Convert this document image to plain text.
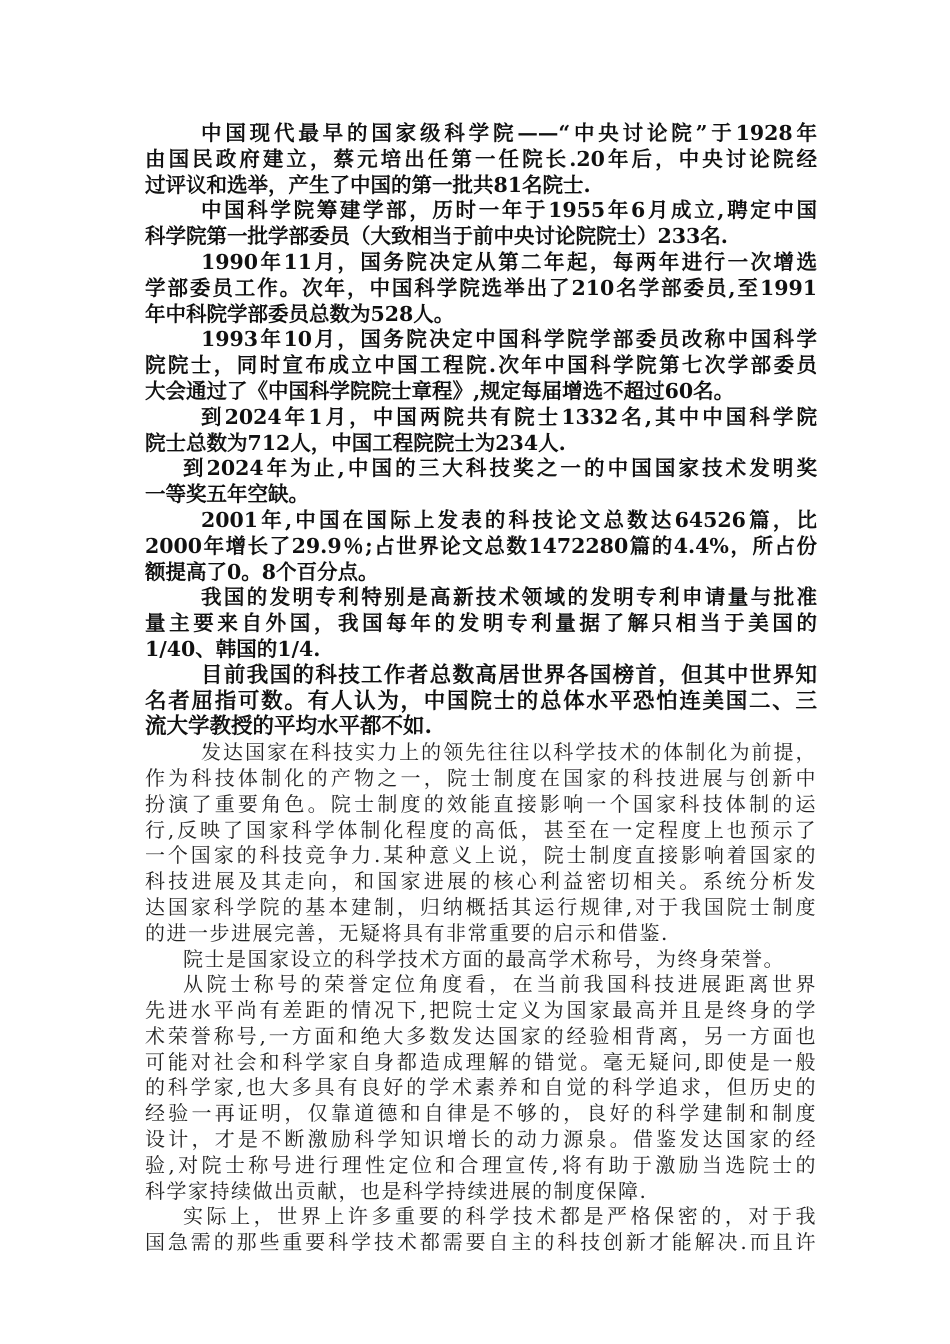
中国现代最早的国家级科学院——“中央讨论院”于1928年
由国民政府建立，蔡元培出任第一任院长.20年后，中央讨论院经
过评议和选举，产生了中国的第一批共81名院士.
中国科学院筹建学部，历时一年于1955年6月成立,聘定中国
科学院第一批学部委员（大致相当于前中央讨论院院士）233名.
1990年11月，国务院决定从第二年起，每两年进行一次增选
学部委员工作。次年，中国科学院选举出了210名学部委员,至1991
年中科院学部委员总数为528人。
1993年10月，国务院决定中国科学院学部委员改称中国科学
院院士，同时宣布成立中国工程院.次年中国科学院第七次学部委员
大会通过了《中国科学院院士章程》,规定每届增选不超过60名。
到2024年1月，中国两院共有院士1332名,其中中国科学院
院士总数为712人，中国工程院院士为234人.
到2024年为止,中国的三大科技奖之一的中国国家技术发明奖
一等奖五年空缺。
2001年,中国在国际上发表的科技论文总数达64526篇，比
2000年增长了29.9％;占世界论文总数1472280篇的4.4%，所占份
额提高了0。8个百分点。
我国的发明专利特别是高新技术领域的发明专利申请量与批准
量主要来自外国，我国每年的发明专利量据了解只相当于美国的
1/40、韩国的1/4.
目前我国的科技工作者总数高居世界各国榜首，但其中世界知
名者屈指可数。有人认为，中国院士的总体水平恐怕连美国二、三
流大学教授的平均水平都不如.
发达国家在科技实力上的领先往往以科学技术的体制化为前提，
作为科技体制化的产物之一，院士制度在国家的科技进展与创新中
扮演了重要角色。院士制度的效能直接影响一个国家科技体制的运
行,反映了国家科学体制化程度的高低，甚至在一定程度上也预示了
一个国家的科技竞争力.某种意义上说，院士制度直接影响着国家的
科技进展及其走向，和国家进展的核心利益密切相关。系统分析发
达国家科学院的基本建制，归纳概括其运行规律,对于我国院士制度
的进一步进展完善，无疑将具有非常重要的启示和借鉴.
院士是国家设立的科学技术方面的最高学术称号，为终身荣誉。
从院士称号的荣誉定位角度看，在当前我国科技进展距离世界
先进水平尚有差距的情况下,把院士定义为国家最高并且是终身的学
术荣誉称号,一方面和绝大多数发达国家的经验相背离，另一方面也
可能对社会和科学家自身都造成理解的错觉。毫无疑问,即使是一般
的科学家,也大多具有良好的学术素养和自觉的科学追求，但历史的
经验一再证明，仅靠道德和自律是不够的，良好的科学建制和制度
设计，才是不断激励科学知识增长的动力源泉。借鉴发达国家的经
验,对院士称号进行理性定位和合理宣传,将有助于激励当选院士的
科学家持续做出贡献，也是科学持续进展的制度保障.
实际上，世界上许多重要的科学技术都是严格保密的，对于我
国急需的那些重要科学技术都需要自主的科技创新才能解决.而且许
